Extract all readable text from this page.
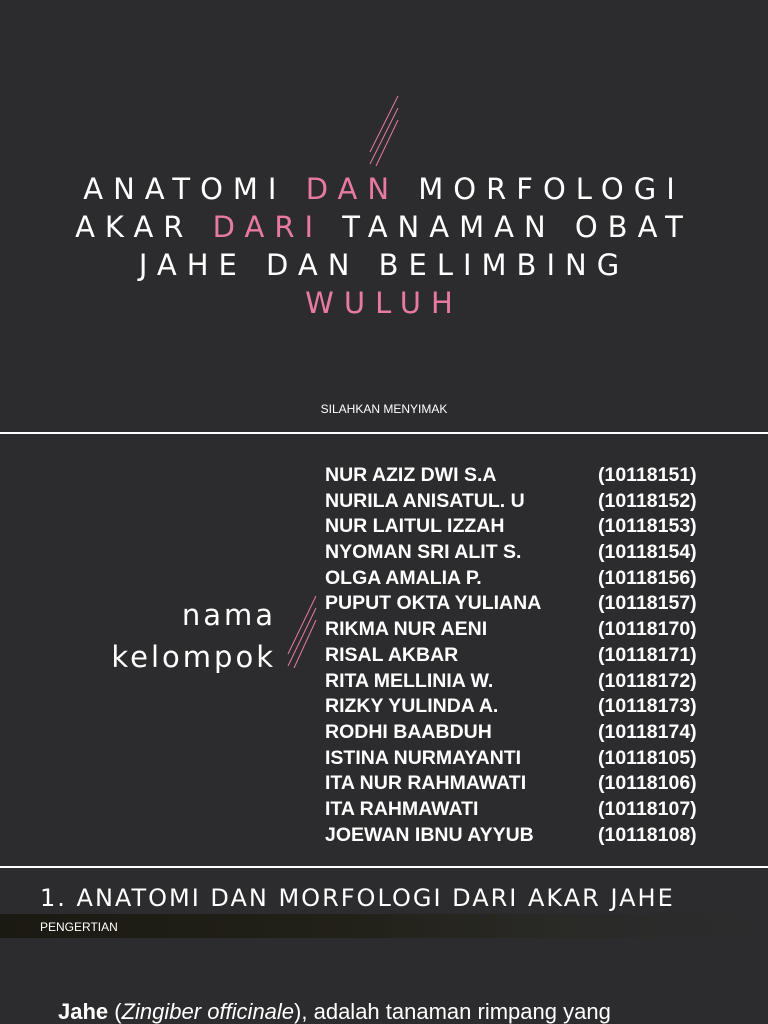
ANATOMI DAN MORFOLOGI
AKAR DARI TANAMAN OBAT
JAHE DAN BELIMBING
WULUH
SILAHKAN MENYIMAK
nama
kelompok
NUR AZIZ DWI S.A	(10118151)
NURILA ANISATUL. U	(10118152)
NUR LAITUL IZZAH	(10118153)
NYOMAN SRI ALIT S.	(10118154)
OLGA AMALIA P.	(10118156)
PUPUT OKTA YULIANA	(10118157)
RIKMA NUR AENI	(10118170)
RISAL AKBAR	(10118171)
RITA MELLINIA W.	(10118172)
RIZKY YULINDA A.	(10118173)
RODHI BAABDUH	(10118174)
ISTINA NURMAYANTI	(10118105)
ITA NUR RAHMAWATI	(10118106)
ITA RAHMAWATI	(10118107)
JOEWAN IBNU AYYUB	(10118108)
1. ANATOMI DAN MORFOLOGI DARI AKAR JAHE
PENGERTIAN
Jahe (Zingiber officinale), adalah tanaman rimpang yang
